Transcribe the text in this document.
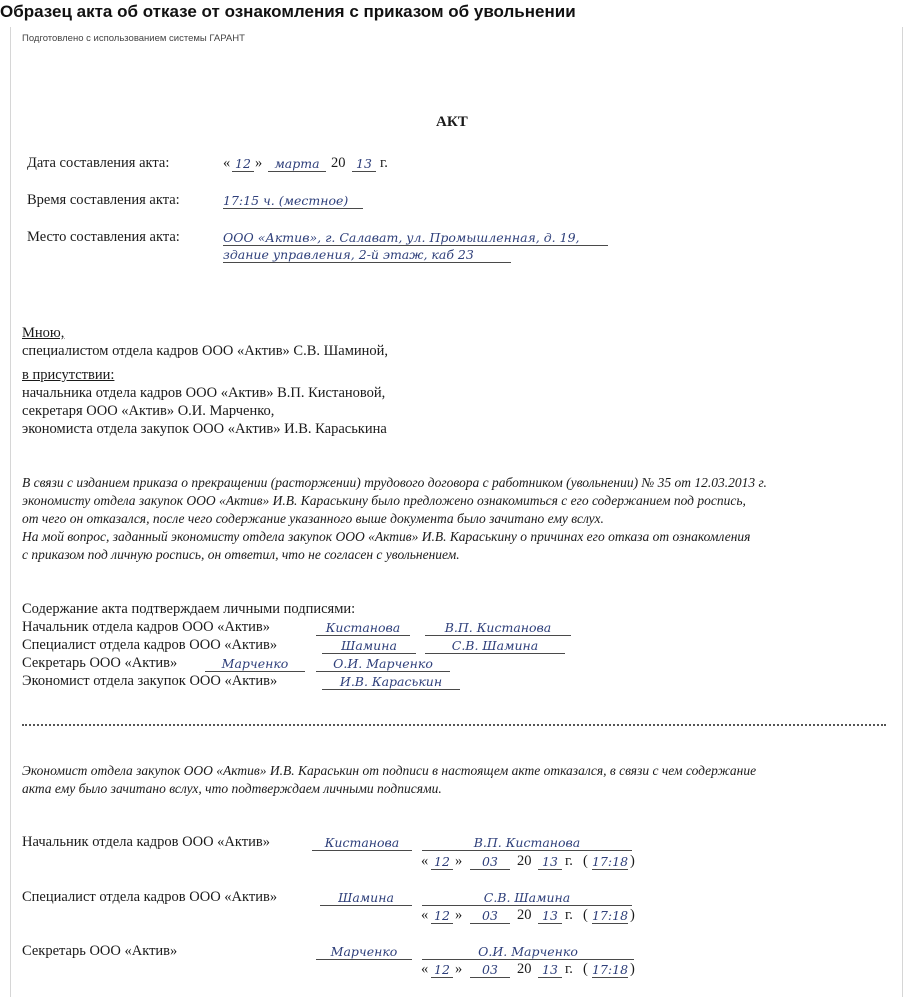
Образец акта об отказе от ознакомления с приказом об увольнении
Подготовлено с использованием системы ГАРАНТ
АКТ
Дата составления акта:	« 12 » марта 20 13 г.
Время составления акта:	17:15 ч. (местное)
Место составления акта:	ООО «Актив», г. Салават, ул. Промышленная, д. 19,
здание управления, 2-й этаж, каб 23
Мною,
специалистом отдела кадров ООО «Актив» С.В. Шаминой,
в присутствии:
начальника отдела кадров ООО «Актив» В.П. Кистановой,
секретаря ООО «Актив» О.И. Марченко,
экономиста отдела закупок ООО «Актив» И.В. Караськина
В связи с изданием приказа о прекращении (расторжении) трудового договора с работником (увольнении) № 35 от 12.03.2013 г.
экономисту отдела закупок ООО «Актив» И.В. Караськину было предложено ознакомиться с его содержанием под роспись,
от чего он отказался, после чего содержание указанного выше документа было зачитано ему вслух.
На мой вопрос, заданный экономисту отдела закупок ООО «Актив» И.В. Караськину о причинах его отказа от ознакомления
с приказом под личную роспись, он ответил, что не согласен с увольнением.
Содержание акта подтверждаем личными подписями:
Начальник отдела кадров ООО «Актив»	Кистанова	В.П. Кистанова
Специалист отдела кадров ООО «Актив»	Шамина	С.В. Шамина
Секретарь ООО «Актив»	Марченко	О.И. Марченко
Экономист отдела закупок ООО «Актив»	И.В. Караськин
Экономист отдела закупок ООО «Актив» И.В. Караськин от подписи в настоящем акте отказался, в связи с чем содержание
акта ему было зачитано вслух, что подтверждаем личными подписями.
Начальник отдела кадров ООО «Актив»	Кистанова	В.П. Кистанова
« 12 »	03	20 13 г. ( 17:18 )
Специалист отдела кадров ООО «Актив»	Шамина	С.В. Шамина
« 12 »	03	20 13 г. ( 17:18 )
Секретарь ООО «Актив»	Марченко	О.И. Марченко
« 12 »	03	20 13 г. ( 17:18 )
